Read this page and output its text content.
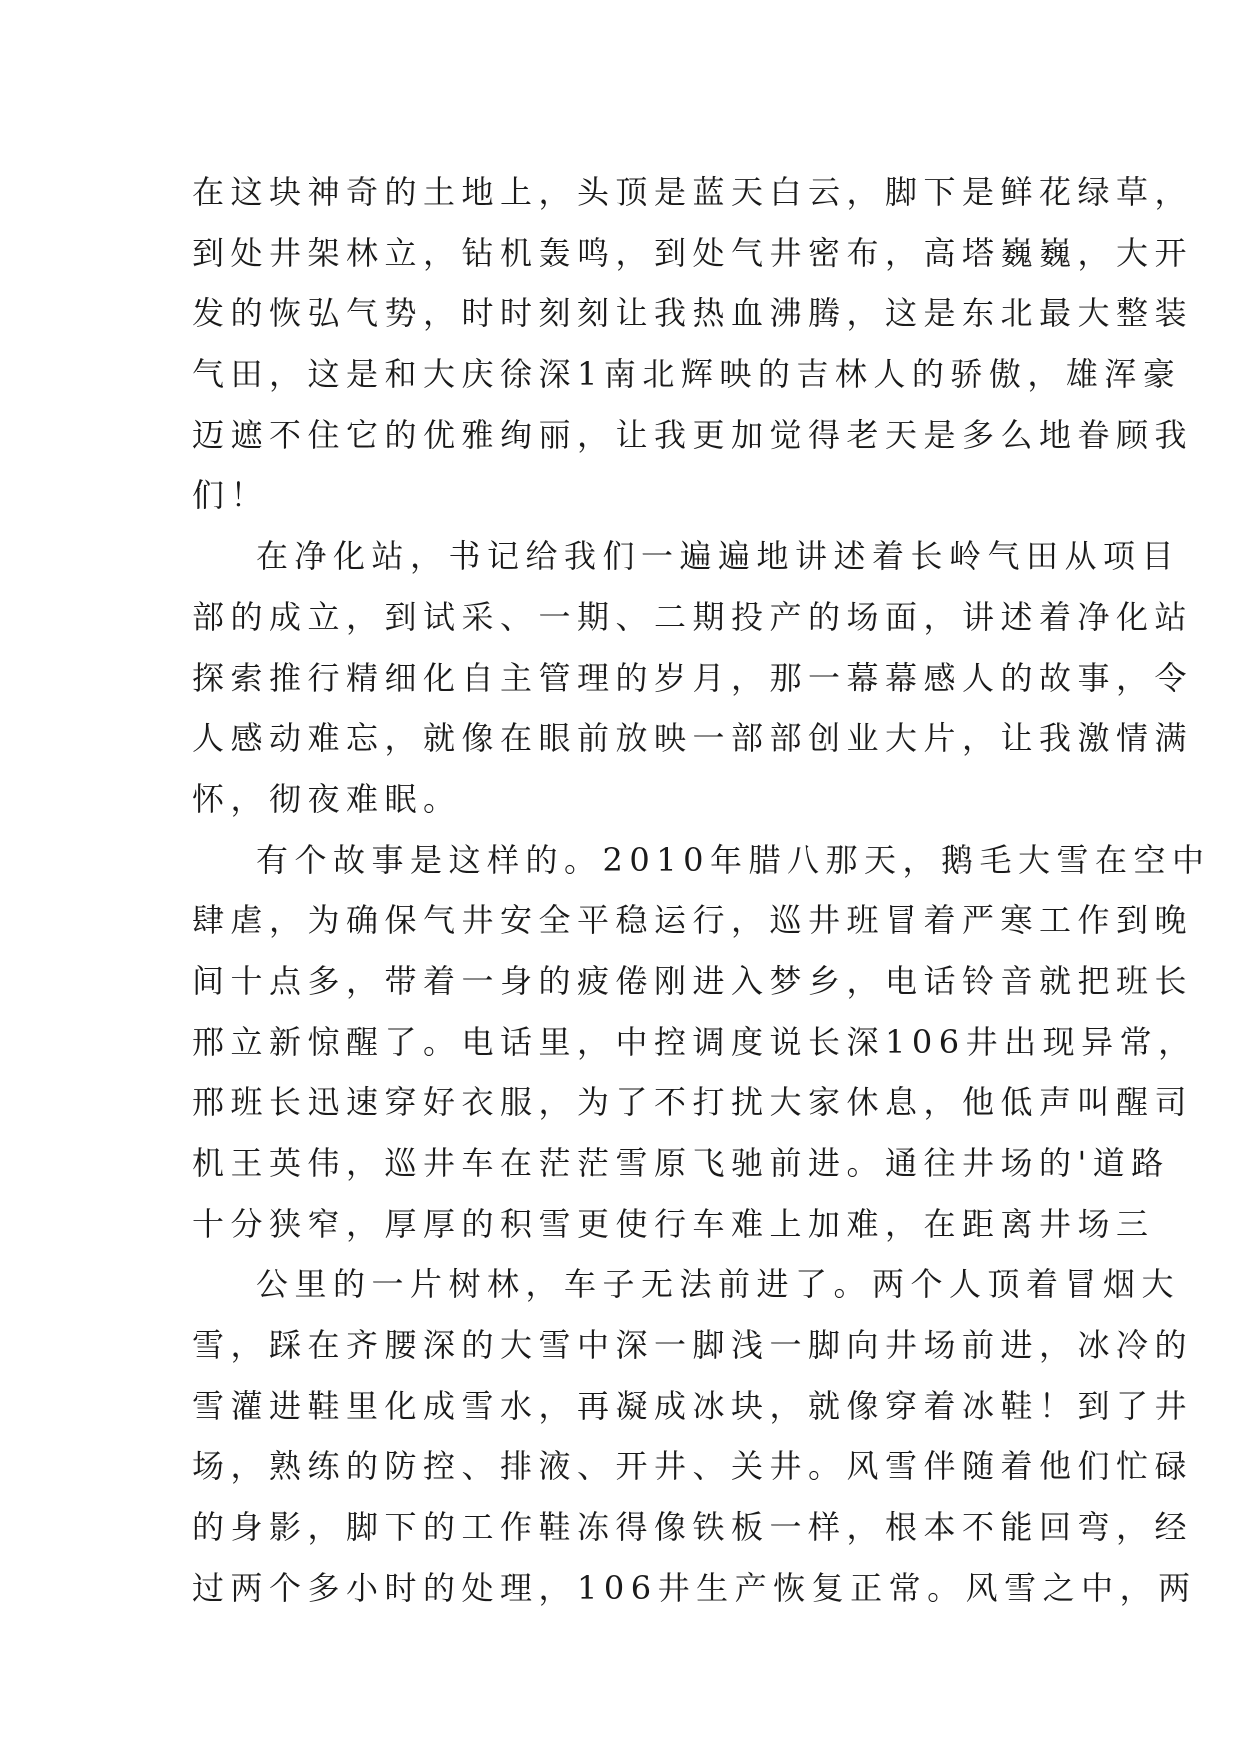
在这块神奇的土地上，头顶是蓝天白云，脚下是鲜花绿草，
到处井架林立，钻机轰鸣，到处气井密布，高塔巍巍，大开
发的恢弘气势，时时刻刻让我热血沸腾，这是东北最大整装
气田，这是和大庆徐深1南北辉映的吉林人的骄傲，雄浑豪
迈遮不住它的优雅绚丽，让我更加觉得老天是多么地眷顾我
们！
在净化站，书记给我们一遍遍地讲述着长岭气田从项目
部的成立，到试采、一期、二期投产的场面，讲述着净化站
探索推行精细化自主管理的岁月，那一幕幕感人的故事，令
人感动难忘，就像在眼前放映一部部创业大片，让我激情满
怀，彻夜难眠。
有个故事是这样的。2010年腊八那天，鹅毛大雪在空中
肆虐，为确保气井安全平稳运行，巡井班冒着严寒工作到晚
间十点多，带着一身的疲倦刚进入梦乡，电话铃音就把班长
邢立新惊醒了。电话里，中控调度说长深106井出现异常，
邢班长迅速穿好衣服，为了不打扰大家休息，他低声叫醒司
机王英伟，巡井车在茫茫雪原飞驰前进。通往井场的'道路
十分狭窄，厚厚的积雪更使行车难上加难，在距离井场三
公里的一片树林，车子无法前进了。两个人顶着冒烟大
雪，踩在齐腰深的大雪中深一脚浅一脚向井场前进，冰冷的
雪灌进鞋里化成雪水，再凝成冰块，就像穿着冰鞋！到了井
场，熟练的防控、排液、开井、关井。风雪伴随着他们忙碌
的身影，脚下的工作鞋冻得像铁板一样，根本不能回弯，经
过两个多小时的处理，106井生产恢复正常。风雪之中，两
